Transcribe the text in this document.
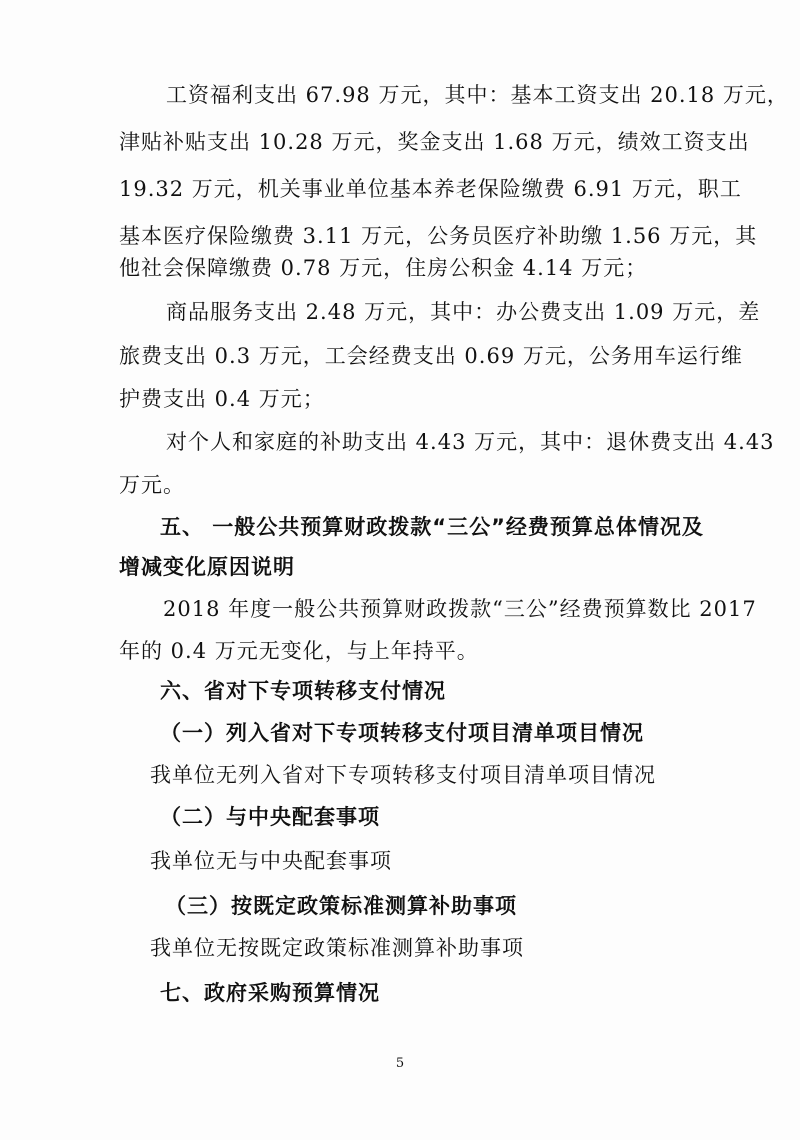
工资福利支出 67.98 万元，其中：基本工资支出 20.18 万元，
津贴补贴支出 10.28 万元，奖金支出 1.68 万元，绩效工资支出
19.32 万元，机关事业单位基本养老保险缴费 6.91 万元，职工
基本医疗保险缴费 3.11 万元，公务员医疗补助缴 1.56 万元，其
他社会保障缴费 0.78 万元，住房公积金 4.14 万元；
商品服务支出 2.48 万元，其中：办公费支出 1.09 万元，差
旅费支出 0.3 万元，工会经费支出 0.69 万元，公务用车运行维
护费支出 0.4 万元；
对个人和家庭的补助支出 4.43 万元，其中：退休费支出 4.43
万元。
五、 一般公共预算财政拨款“三公”经费预算总体情况及
增减变化原因说明
2018 年度一般公共预算财政拨款“三公”经费预算数比 2017
年的 0.4 万元无变化，与上年持平。
六、省对下专项转移支付情况
（一）列入省对下专项转移支付项目清单项目情况
我单位无列入省对下专项转移支付项目清单项目情况
（二）与中央配套事项
我单位无与中央配套事项
（三）按既定政策标准测算补助事项
我单位无按既定政策标准测算补助事项
七、政府采购预算情况
5
